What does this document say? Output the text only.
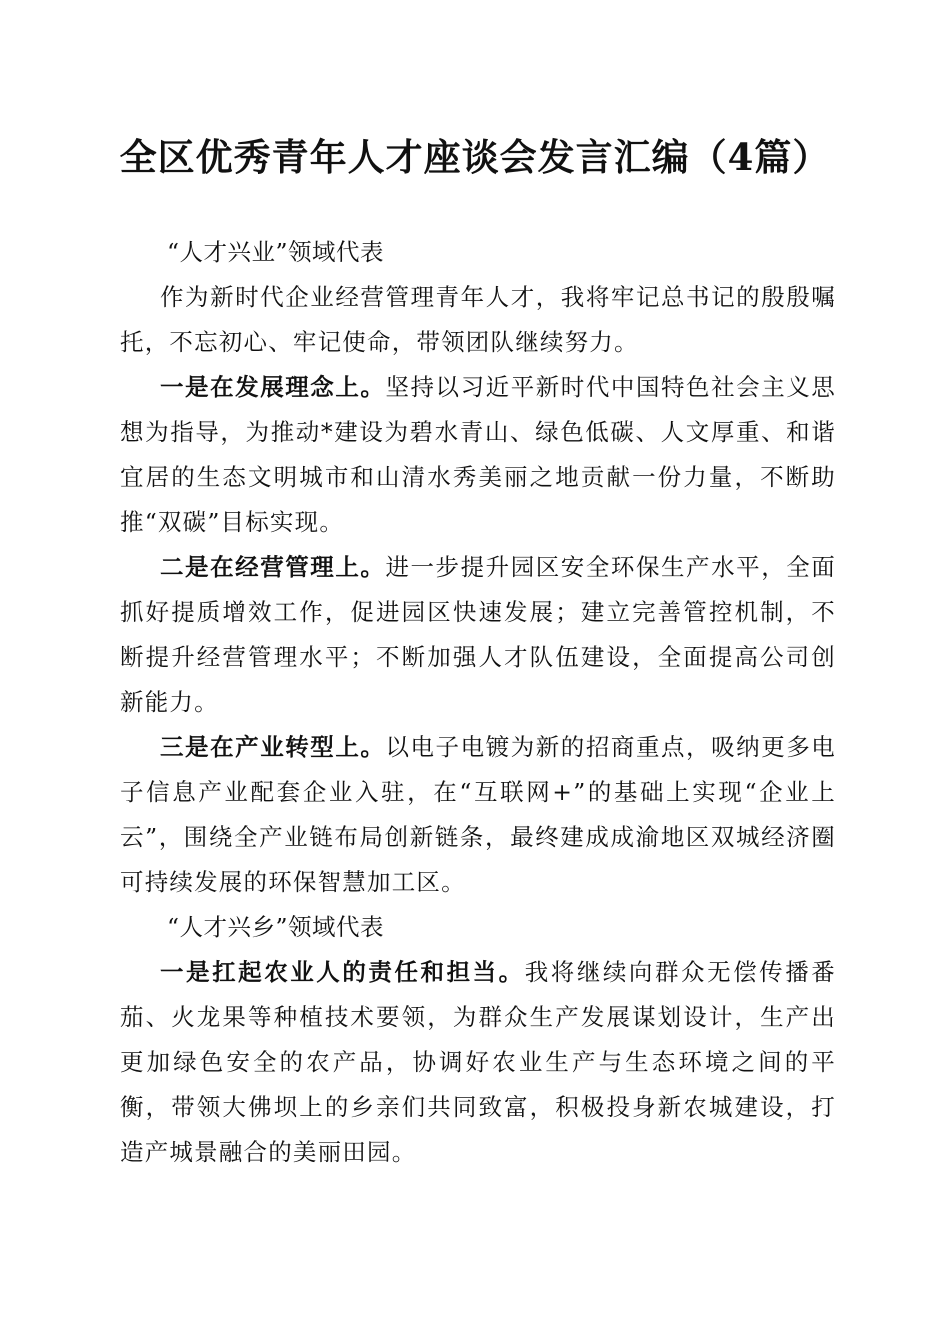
全区优秀青年人才座谈会发言汇编（4篇）

“人才兴业”领域代表

作为新时代企业经营管理青年人才，我将牢记总书记的殷殷嘱托，不忘初心、牢记使命，带领团队继续努力。

一是在发展理念上。坚持以习近平新时代中国特色社会主义思想为指导，为推动*建设为碧水青山、绿色低碳、人文厚重、和谐宜居的生态文明城市和山清水秀美丽之地贡献一份力量，不断助推“双碳”目标实现。

二是在经营管理上。进一步提升园区安全环保生产水平，全面抓好提质增效工作，促进园区快速发展；建立完善管控机制，不断提升经营管理水平；不断加强人才队伍建设，全面提高公司创新能力。

三是在产业转型上。以电子电镀为新的招商重点，吸纳更多电子信息产业配套企业入驻，在“互联网+”的基础上实现“企业上云”，围绕全产业链布局创新链条，最终建成成渝地区双城经济圈可持续发展的环保智慧加工区。

“人才兴乡”领域代表

一是扛起农业人的责任和担当。我将继续向群众无偿传播番茄、火龙果等种植技术要领，为群众生产发展谋划设计，生产出更加绿色安全的农产品，协调好农业生产与生态环境之间的平衡，带领大佛坝上的乡亲们共同致富，积极投身新农城建设，打造产城景融合的美丽田园。
